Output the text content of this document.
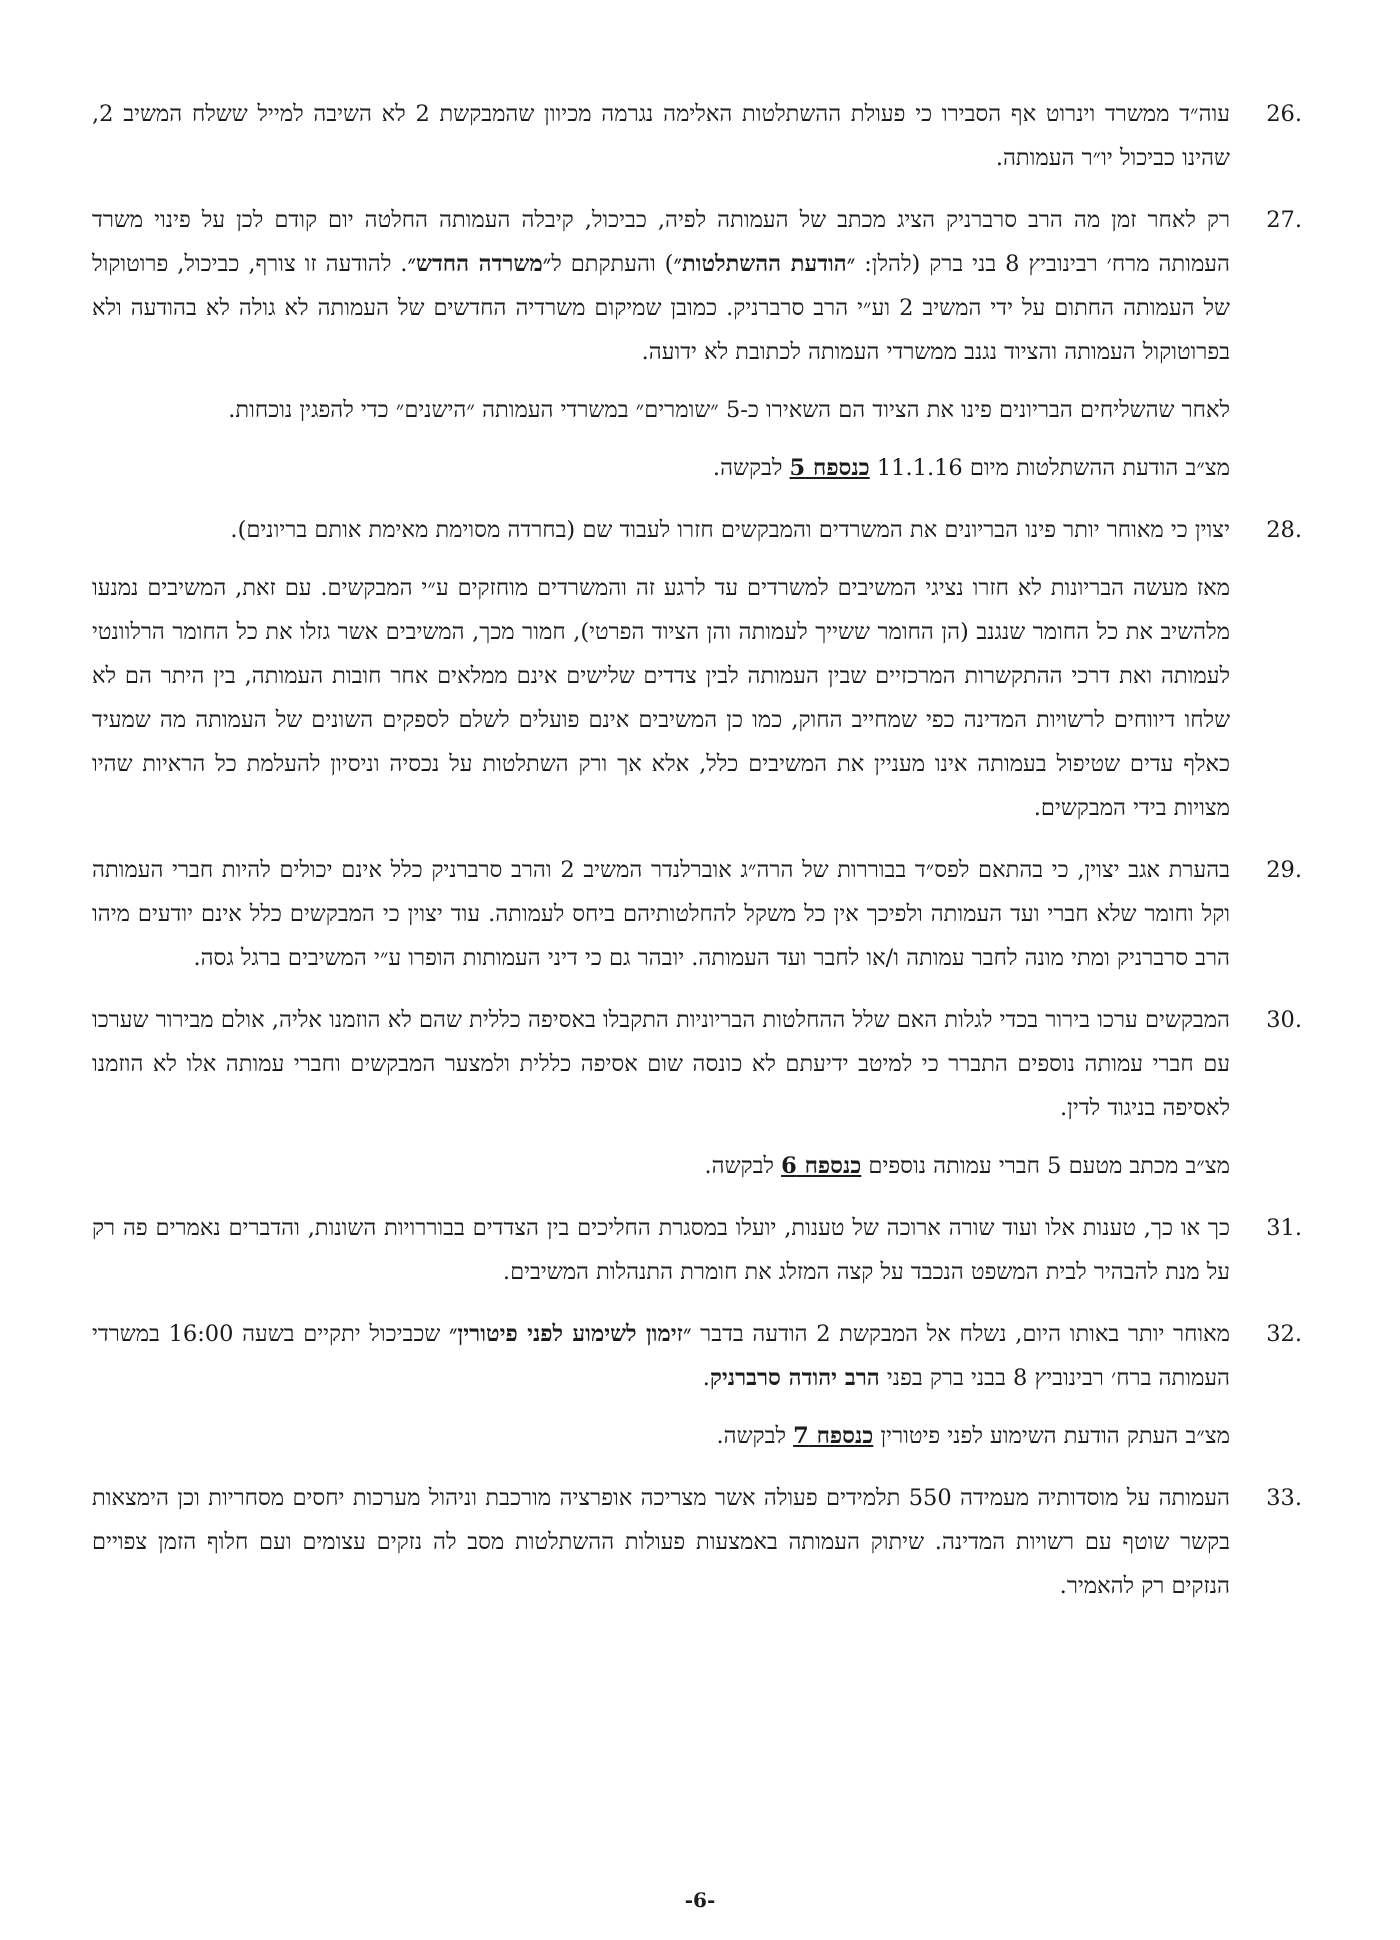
26.

עוה״ד ממשרד וינרוט אף הסבירו כי פעולת ההשתלטות האלימה נגרמה מכיוון שהמבקשת 2 לא השיבה למייל ששלח המשיב 2, שהינו כביכול יו״ר העמותה.

27.

רק לאחר זמן מה הרב סרברניק הציג מכתב של העמותה לפיה, כביכול, קיבלה העמותה החלטה יום קודם לכן על פינוי משרד העמותה מרח׳ רבינוביץ 8 בני ברק (להלן: ״הודעת ההשתלטות״) והעתקתם ל״משרדה החדש״. להודעה זו צורף, כביכול, פרוטוקול של העמותה החתום על ידי המשיב 2 וע״י הרב סרברניק. כמובן שמיקום משרדיה החדשים של העמותה לא גולה לא בהודעה ולא בפרוטוקול העמותה והציוד נגנב ממשרדי העמותה לכתובת לא ידועה.

לאחר שהשליחים הבריונים פינו את הציוד הם השאירו כ-5 ״שומרים״ במשרדי העמותה ״הישנים״ כדי להפגין נוכחות.

מצ״ב הודעת ההשתלטות מיום 11.1.16 כנספח 5 לבקשה.

28.

יצוין כי מאוחר יותר פינו הבריונים את המשרדים והמבקשים חזרו לעבוד שם (בחרדה מסוימת מאימת אותם בריונים).

מאז מעשה הבריונות לא חזרו נציגי המשיבים למשרדים עד לרגע זה והמשרדים מוחזקים ע״י המבקשים. עם זאת, המשיבים נמנעו מלהשיב את כל החומר שנגנב (הן החומר ששייך לעמותה והן הציוד הפרטי), חמור מכך, המשיבים אשר גזלו את כל החומר הרלוונטי לעמותה ואת דרכי ההתקשרות המרכזיים שבין העמותה לבין צדדים שלישים אינם ממלאים אחר חובות העמותה, בין היתר הם לא שלחו דיווחים לרשויות המדינה כפי שמחייב החוק, כמו כן המשיבים אינם פועלים לשלם לספקים השונים של העמותה מה שמעיד כאלף עדים שטיפול בעמותה אינו מעניין את המשיבים כלל, אלא אך ורק השתלטות על נכסיה וניסיון להעלמת כל הראיות שהיו מצויות בידי המבקשים.

29.

בהערת אגב יצוין, כי בהתאם לפס״ד בבוררות של הרה״ג אוברלנדר המשיב 2 והרב סרברניק כלל אינם יכולים להיות חברי העמותה וקל וחומר שלא חברי ועד העמותה ולפיכך אין כל משקל להחלטותיהם ביחס לעמותה. עוד יצוין כי המבקשים כלל אינם יודעים מיהו הרב סרברניק ומתי מונה לחבר עמותה ו/או לחבר ועד העמותה. יובהר גם כי דיני העמותות הופרו ע״י המשיבים ברגל גסה.

30.

המבקשים ערכו בירור בכדי לגלות האם שלל ההחלטות הבריוניות התקבלו באסיפה כללית שהם לא הוזמנו אליה, אולם מבירור שערכו עם חברי עמותה נוספים התברר כי למיטב ידיעתם לא כונסה שום אסיפה כללית ולמצער המבקשים וחברי עמותה אלו לא הוזמנו לאסיפה בניגוד לדין.

מצ״ב מכתב מטעם 5 חברי עמותה נוספים כנספח 6 לבקשה.

31.

כך או כך, טענות אלו ועוד שורה ארוכה של טענות, יועלו במסגרת החליכים בין הצדדים בבוררויות השונות, והדברים נאמרים פה רק על מנת להבהיר לבית המשפט הנכבד על קצה המזלג את חומרת התנהלות המשיבים.

32.

מאוחר יותר באותו היום, נשלח אל המבקשת 2 הודעה בדבר ״זימון לשימוע לפני פיטורין״ שכביכול יתקיים בשעה 16:00 במשרדי העמותה ברח׳ רבינוביץ 8 בבני ברק בפני הרב יהודה סרברניק.

מצ״ב העתק הודעת השימוע לפני פיטורין כנספח 7 לבקשה.

33.

העמותה על מוסדותיה מעמידה 550 תלמידים פעולה אשר מצריכה אופרציה מורכבת וניהול מערכות יחסים מסחריות וכן הימצאות בקשר שוטף עם רשויות המדינה. שיתוק העמותה באמצעות פעולות ההשתלטות מסב לה נזקים עצומים ועם חלוף הזמן צפויים הנזקים רק להאמיר.

-6-
